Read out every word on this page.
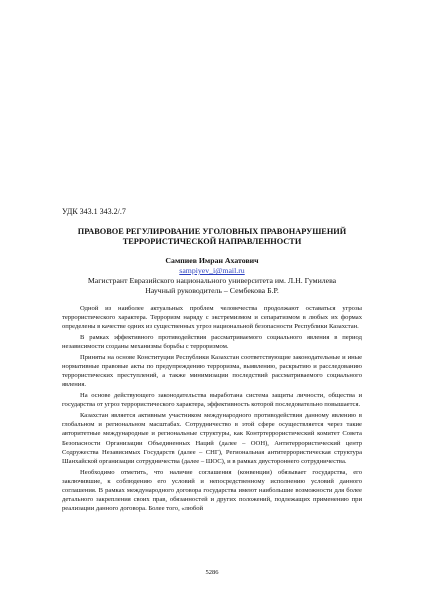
УДК 343.1 343.2/.7
ПРАВОВОЕ РЕГУЛИРОВАНИЕ УГОЛОВНЫХ ПРАВОНАРУШЕНИЙ
ТЕРРОРИСТИЧЕСКОЙ НАПРАВЛЕННОСТИ
Сампиев Имран Ахатович
sampiyev_i@mail.ru
Магистрант Евразийского национального университета им. Л.Н. Гумилева
Научный руководитель – Сембекова Б.Р.

Одной из наиболее актуальных проблем человечества продолжают оставаться угрозы террористического характера. Терроризм наряду с экстремизмом и сепаратизмом в любых их формах определены в качестве одних из существенных угроз национальной безопасности Республики Казахстан.

В рамках эффективного противодействия рассматриваемого социального явления в период независимости созданы механизмы борьбы с терроризмом.

Приняты на основе Конституции Республики Казахстан соответствующие законодательные и иные нормативные правовые акты по предупреждению терроризма, выявлению, раскрытию и расследованию террористических преступлений, а также минимизации последствий рассматриваемого социального явления.

На основе действующего законодательства выработана система защиты личности, общества и государства от угроз террористического характера, эффективность которой последовательно повышается.

Казахстан является активным участником международного противодействия данному явлению в глобальном и региональном масштабах. Сотрудничество в этой сфере осуществляется через такие авторитетные международные и региональные структуры, как Контртеррористический комитет Совета Безопасности Организации Объединенных Наций (далее – ООН), Антитеррористический центр Содружества Независимых Государств (далее – СНГ), Региональная антитеррористическая структура Шанхайской организации сотрудничества (далее – ШОС), и в рамках двустороннего сотрудничества.

Необходимо отметить, что наличие соглашения (конвенции) обязывает государства, его заключившие, к соблюдению его условий и непосредственному исполнению условий данного соглашения. В рамках международного договора государства имеют наибольшие возможности для более детального закрепления своих прав, обязанностей и других положений, подлежащих применению при реализации данного договора. Более того, «любой

5286
